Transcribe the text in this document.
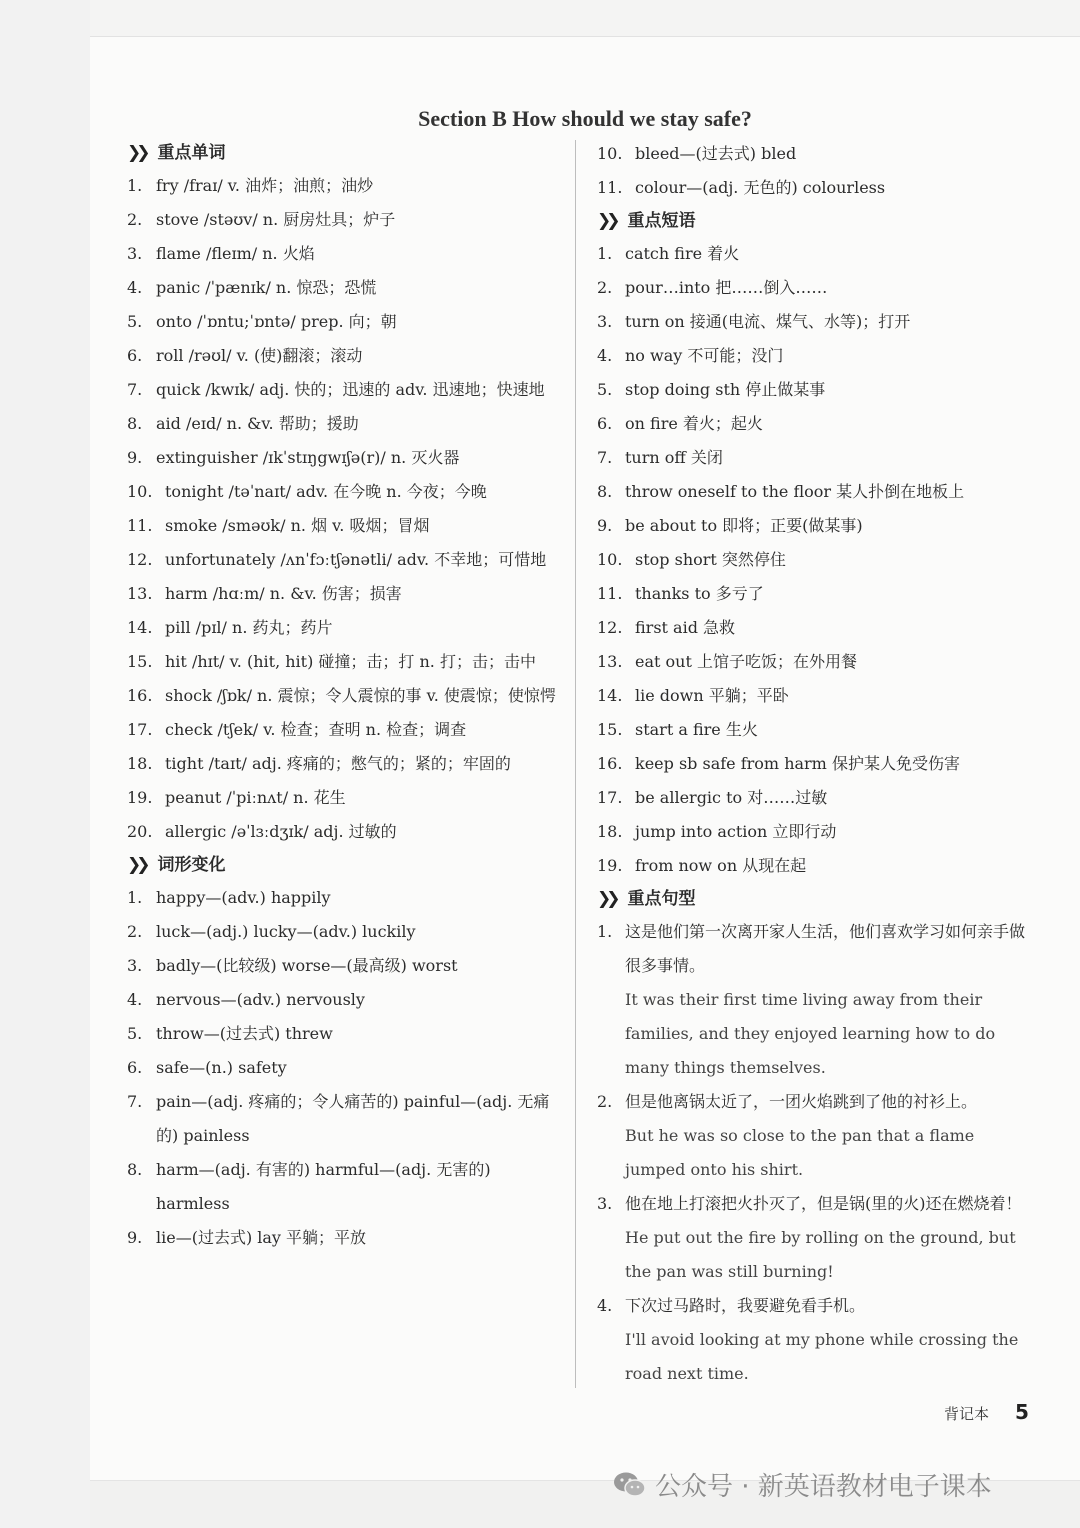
Section B How should we stay safe?
❯❯ 重点单词
1. fry /fraɪ/ v. 油炸；油煎；油炒
2. stove /stəʊv/ n. 厨房灶具；炉子
3. flame /fleɪm/ n. 火焰
4. panic /ˈpænɪk/ n. 惊恐；恐慌
5. onto /ˈɒntu;ˈɒntə/ prep. 向；朝
6. roll /rəʊl/ v. (使)翻滚；滚动
7. quick /kwɪk/ adj. 快的；迅速的 adv. 迅速地；快速地
8. aid /eɪd/ n. &v. 帮助；援助
9. extinguisher /ɪkˈstɪŋgwɪʃə(r)/ n. 灭火器
10. tonight /təˈnaɪt/ adv. 在今晚 n. 今夜；今晚
11. smoke /sməʊk/ n. 烟 v. 吸烟；冒烟
12. unfortunately /ʌnˈfɔːtʃənətli/ adv. 不幸地；可惜地
13. harm /hɑːm/ n. &v. 伤害；损害
14. pill /pɪl/ n. 药丸；药片
15. hit /hɪt/ v. (hit, hit) 碰撞；击；打 n. 打；击；击中
16. shock /ʃɒk/ n. 震惊；令人震惊的事 v. 使震惊；使惊愕
17. check /tʃek/ v. 检查；查明 n. 检查；调查
18. tight /taɪt/ adj. 疼痛的；憋气的；紧的；牢固的
19. peanut /ˈpiːnʌt/ n. 花生
20. allergic /əˈlɜːdʒɪk/ adj. 过敏的
❯❯ 词形变化
1. happy—(adv.) happily
2. luck—(adj.) lucky—(adv.) luckily
3. badly—(比较级) worse—(最高级) worst
4. nervous—(adv.) nervously
5. throw—(过去式) threw
6. safe—(n.) safety
7. pain—(adj. 疼痛的；令人痛苦的) painful—(adj. 无痛的) painless
8. harm—(adj. 有害的) harmful—(adj. 无害的) harmless
9. lie—(过去式) lay 平躺；平放
10. bleed—(过去式) bled
11. colour—(adj. 无色的) colourless
❯❯ 重点短语
1. catch fire 着火
2. pour…into 把……倒入……
3. turn on 接通(电流、煤气、水等)；打开
4. no way 不可能；没门
5. stop doing sth 停止做某事
6. on fire 着火；起火
7. turn off 关闭
8. throw oneself to the floor 某人扑倒在地板上
9. be about to 即将；正要(做某事)
10. stop short 突然停住
11. thanks to 多亏了
12. first aid 急救
13. eat out 上馆子吃饭；在外用餐
14. lie down 平躺；平卧
15. start a fire 生火
16. keep sb safe from harm 保护某人免受伤害
17. be allergic to 对……过敏
18. jump into action 立即行动
19. from now on 从现在起
❯❯ 重点句型
1. 这是他们第一次离开家人生活，他们喜欢学习如何亲手做很多事情。
It was their first time living away from their families, and they enjoyed learning how to do many things themselves.
2. 但是他离锅太近了，一团火焰跳到了他的衬衫上。
But he was so close to the pan that a flame jumped onto his shirt.
3. 他在地上打滚把火扑灭了，但是锅(里的火)还在燃烧着！
He put out the fire by rolling on the ground, but the pan was still burning!
4. 下次过马路时，我要避免看手机。
I'll avoid looking at my phone while crossing the road next time.
背记本 5
公众号 · 新英语教材电子课本
